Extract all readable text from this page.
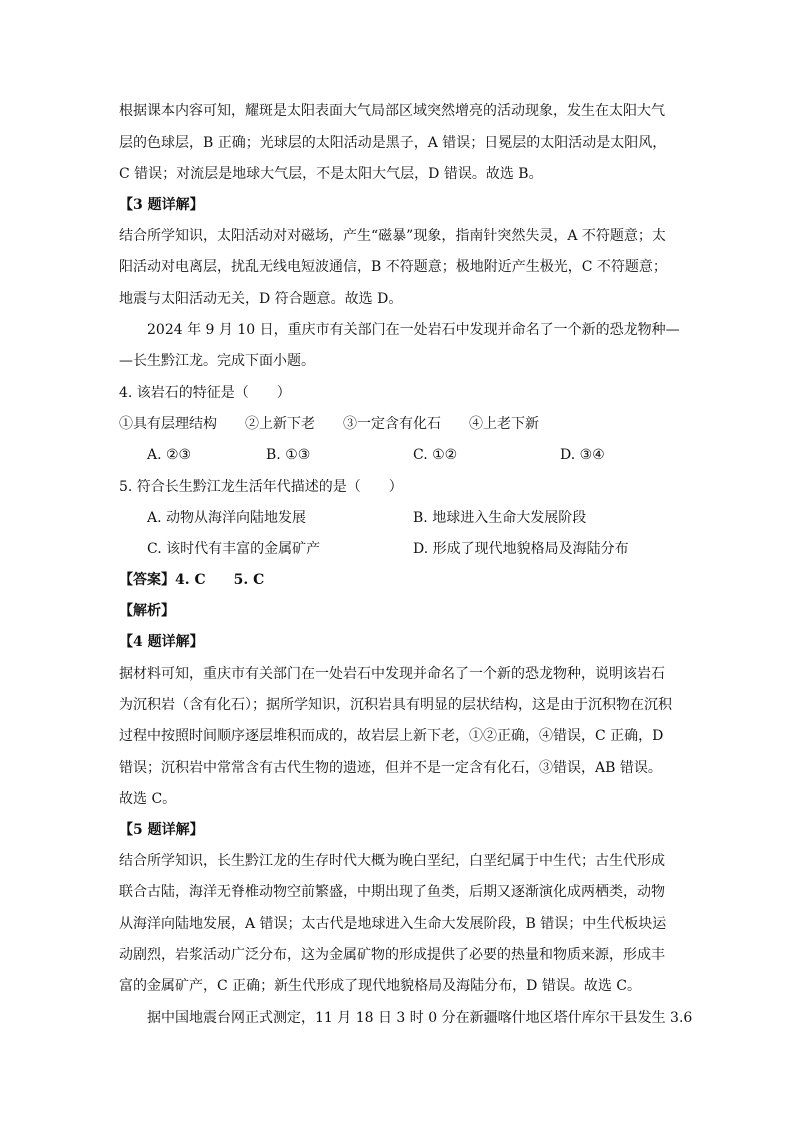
根据课本内容可知，耀斑是太阳表面大气局部区域突然增亮的活动现象，发生在太阳大气
层的色球层，B 正确；光球层的太阳活动是黑子，A 错误；日冕层的太阳活动是太阳风，
C 错误；对流层是地球大气层，不是太阳大气层，D 错误。故选 B。
【3 题详解】
结合所学知识，太阳活动对对磁场，产生“磁暴”现象，指南针突然失灵，A 不符题意；太
阳活动对电离层，扰乱无线电短波通信，B 不符题意；极地附近产生极光，C 不符题意；
地震与太阳活动无关，D 符合题意。故选 D。
2024 年 9 月 10 日，重庆市有关部门在一处岩石中发现并命名了一个新的恐龙物种—
—长生黔江龙。完成下面小题。
4. 该岩石的特征是（　　）
①具有层理结构 ②上新下老 ③一定含有化石 ④上老下新
A. ②③	B. ①③	C. ①②	D. ③④
5. 符合长生黔江龙生活年代描述的是（　　）
A. 动物从海洋向陆地发展	B. 地球进入生命大发展阶段
C. 该时代有丰富的金属矿产	D. 形成了现代地貌格局及海陆分布
【答案】4. C　　5. C
【解析】
【4 题详解】
据材料可知，重庆市有关部门在一处岩石中发现并命名了一个新的恐龙物种，说明该岩石
为沉积岩（含有化石）；据所学知识，沉积岩具有明显的层状结构，这是由于沉积物在沉积
过程中按照时间顺序逐层堆积而成的，故岩层上新下老，①②正确，④错误，C 正确，D
错误；沉积岩中常常含有古代生物的遗迹，但并不是一定含有化石，③错误，AB 错误。
故选 C。
【5 题详解】
结合所学知识，长生黔江龙的生存时代大概为晚白垩纪，白垩纪属于中生代；古生代形成
联合古陆，海洋无脊椎动物空前繁盛，中期出现了鱼类，后期又逐渐演化成两栖类，动物
从海洋向陆地发展，A 错误；太古代是地球进入生命大发展阶段，B 错误；中生代板块运
动剧烈，岩浆活动广泛分布，这为金属矿物的形成提供了必要的热量和物质来源，形成丰
富的金属矿产，C 正确；新生代形成了现代地貌格局及海陆分布，D 错误。故选 C。
据中国地震台网正式测定，11 月 18 日 3 时 0 分在新疆喀什地区塔什库尔干县发生 3.6
